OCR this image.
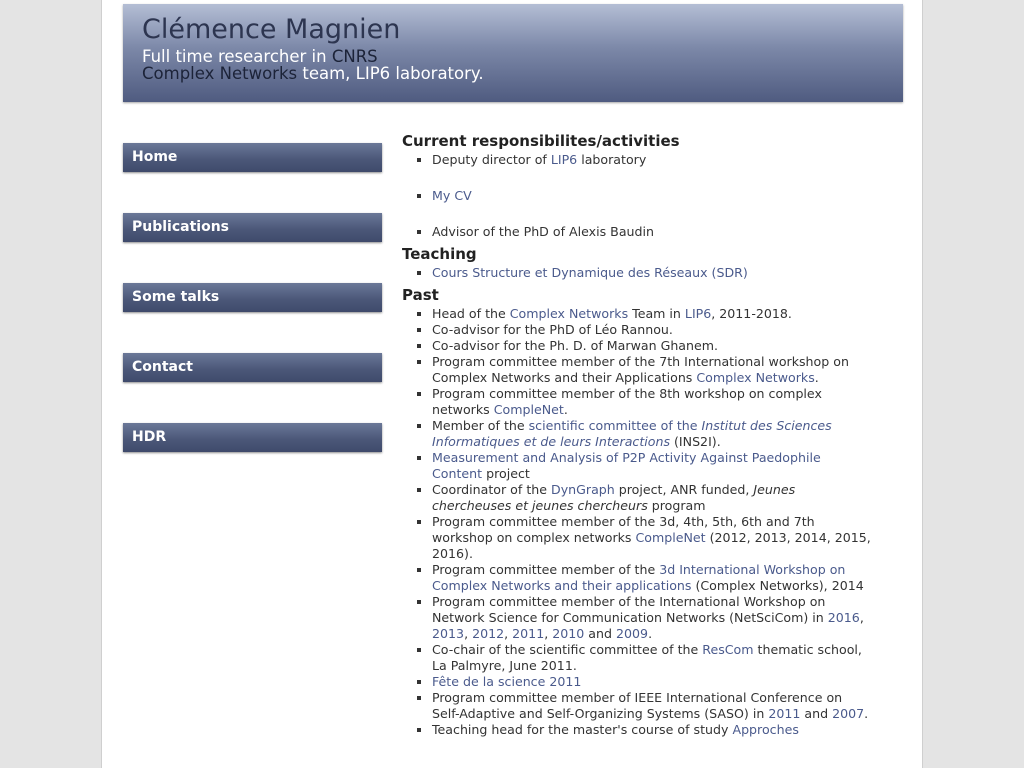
Clémence Magnien
Full time researcher in CNRS
Complex Networks team, LIP6 laboratory.
Home
Publications
Some talks
Contact
HDR
Current responsibilites/activities
▪ Deputy director of LIP6 laboratory
▪ My CV
▪ Advisor of the PhD of Alexis Baudin
Teaching
▪ Cours Structure et Dynamique des Réseaux (SDR)
Past
▪ Head of the Complex Networks Team in LIP6, 2011-2018.
▪ Co-advisor for the PhD of Léo Rannou.
▪ Co-advisor for the Ph. D. of Marwan Ghanem.
▪ Program committee member of the 7th International workshop on Complex Networks and their Applications Complex Networks.
▪ Program committee member of the 8th workshop on complex networks CompleNet.
▪ Member of the scientific committee of the Institut des Sciences Informatiques et de leurs Interactions (INS2I).
▪ Measurement and Analysis of P2P Activity Against Paedophile Content project
▪ Coordinator of the DynGraph project, ANR funded, Jeunes chercheuses et jeunes chercheurs program
▪ Program committee member of the 3d, 4th, 5th, 6th and 7th workshop on complex networks CompleNet (2012, 2013, 2014, 2015, 2016).
▪ Program committee member of the 3d International Workshop on Complex Networks and their applications (Complex Networks), 2014
▪ Program committee member of the International Workshop on Network Science for Communication Networks (NetSciCom) in 2016, 2013, 2012, 2011, 2010 and 2009.
▪ Co-chair of the scientific committee of the ResCom thematic school, La Palmyre, June 2011.
▪ Fête de la science 2011
▪ Program committee member of IEEE International Conference on Self-Adaptive and Self-Organizing Systems (SASO) in 2011 and 2007.
▪ Teaching head for the master's course of study Approches
